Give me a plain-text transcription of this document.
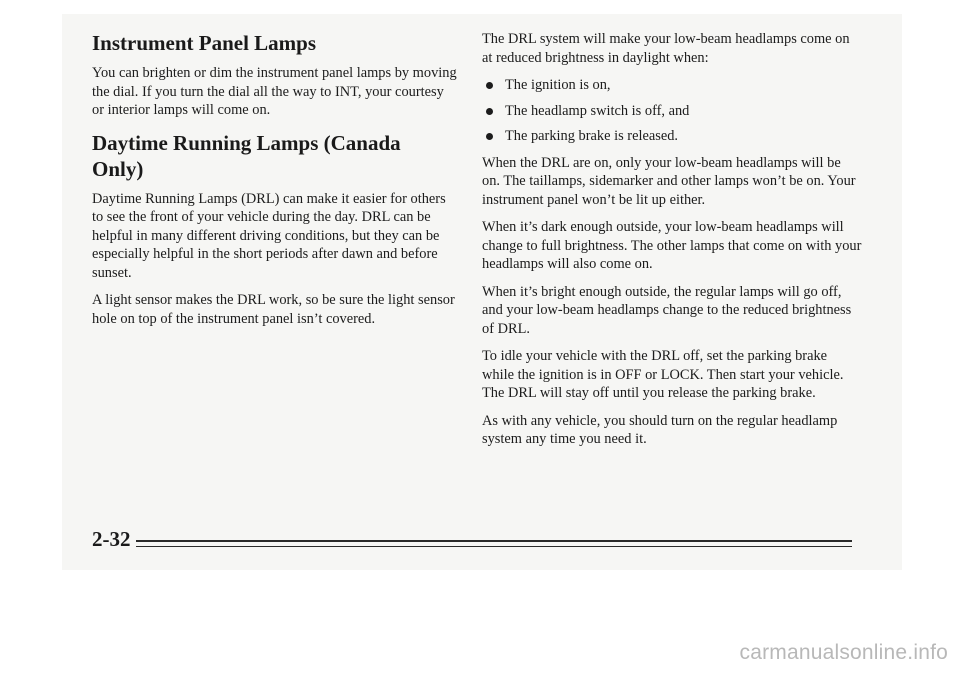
Instrument Panel Lamps

You can brighten or dim the instrument panel lamps by moving the dial. If you turn the dial all the way to INT, your courtesy or interior lamps will come on.

Daytime Running Lamps (Canada Only)

Daytime Running Lamps (DRL) can make it easier for others to see the front of your vehicle during the day. DRL can be helpful in many different driving conditions, but they can be especially helpful in the short periods after dawn and before sunset.

A light sensor makes the DRL work, so be sure the light sensor hole on top of the instrument panel isn’t covered.

The DRL system will make your low-beam headlamps come on at reduced brightness in daylight when:

The ignition is on,
The headlamp switch is off, and
The parking brake is released.

When the DRL are on, only your low-beam headlamps will be on. The taillamps, sidemarker and other lamps won’t be on. Your instrument panel won’t be lit up either.

When it’s dark enough outside, your low-beam headlamps will change to full brightness. The other lamps that come on with your headlamps will also come on.

When it’s bright enough outside, the regular lamps will go off, and your low-beam headlamps change to the reduced brightness of DRL.

To idle your vehicle with the DRL off, set the parking brake while the ignition is in OFF or LOCK. Then start your vehicle. The DRL will stay off until you release the parking brake.

As with any vehicle, you should turn on the regular headlamp system any time you need it.

2-32
carmanualsonline.info
